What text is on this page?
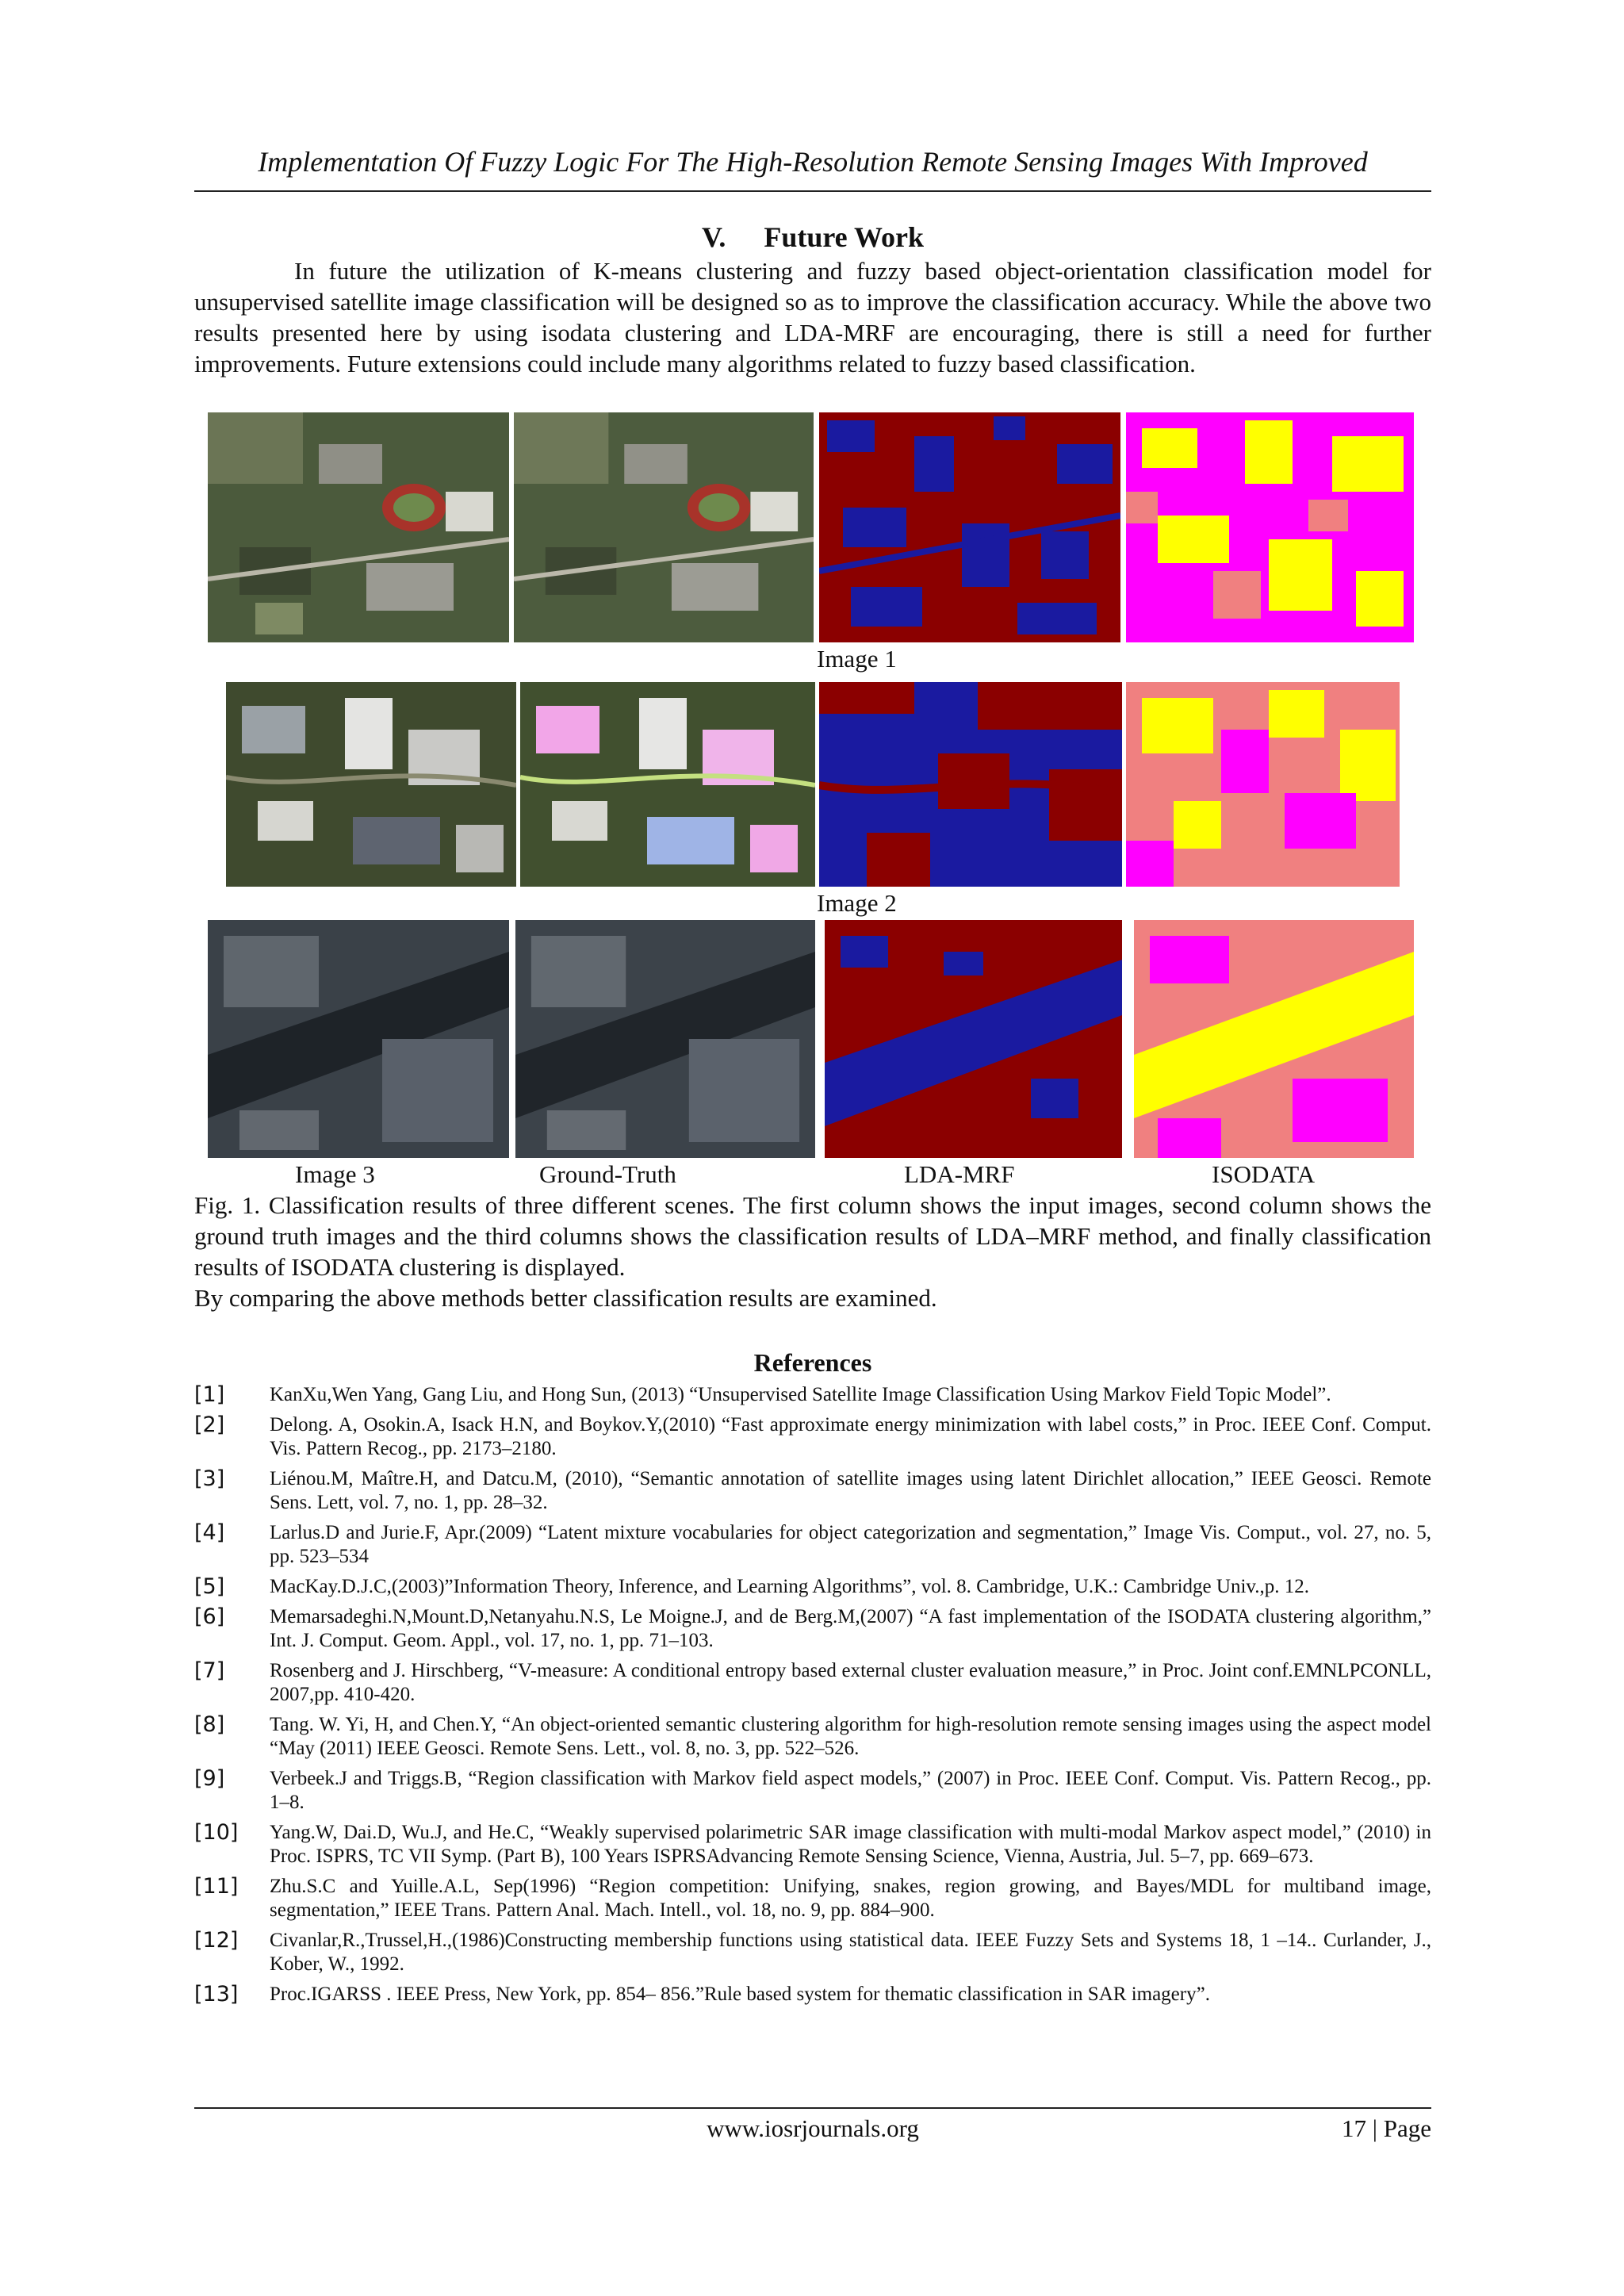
Implementation Of Fuzzy Logic For The High-Resolution Remote Sensing Images With Improved
V. Future Work
In future the utilization of K-means clustering and fuzzy based object-orientation classification model for unsupervised satellite image classification will be designed so as to improve the classification accuracy. While the above two results presented here by using isodata clustering and LDA-MRF are encouraging, there is still a need for further improvements. Future extensions could include many algorithms related to fuzzy based classification.
Image 1
Image 2
Image 3	Ground-Truth	LDA-MRF	ISODATA
Fig. 1. Classification results of three different scenes. The first column shows the input images, second column shows the ground truth images and the third columns shows the classification results of LDA–MRF method, and finally classification results of ISODATA clustering is displayed.
By comparing the above methods better classification results are examined.
References
[1]	KanXu,Wen Yang, Gang Liu, and Hong Sun, (2013) “Unsupervised Satellite Image Classification Using Markov Field Topic Model”.
[2]	Delong. A, Osokin.A, Isack H.N, and Boykov.Y,(2010) “Fast approximate energy minimization with label costs,” in Proc. IEEE Conf. Comput. Vis. Pattern Recog., pp. 2173–2180.
[3]	Liénou.M, Maître.H, and Datcu.M, (2010), “Semantic annotation of satellite images using latent Dirichlet allocation,” IEEE Geosci. Remote Sens. Lett, vol. 7, no. 1, pp. 28–32.
[4]	Larlus.D and Jurie.F, Apr.(2009) “Latent mixture vocabularies for object categorization and segmentation,” Image Vis. Comput., vol. 27, no. 5, pp. 523–534
[5]	MacKay.D.J.C,(2003)”Information Theory, Inference, and Learning Algorithms”, vol. 8. Cambridge, U.K.: Cambridge Univ.,p. 12.
[6]	Memarsadeghi.N,Mount.D,Netanyahu.N.S, Le Moigne.J, and de Berg.M,(2007) “A fast implementation of the ISODATA clustering algorithm,” Int. J. Comput. Geom. Appl., vol. 17, no. 1, pp. 71–103.
[7]	Rosenberg and J. Hirschberg, “V-measure: A conditional entropy based external cluster evaluation measure,” in Proc. Joint conf.EMNLPCONLL, 2007,pp. 410-420.
[8]	Tang. W. Yi, H, and Chen.Y, “An object-oriented semantic clustering algorithm for high-resolution remote sensing images using the aspect model “May (2011) IEEE Geosci. Remote Sens. Lett., vol. 8, no. 3, pp. 522–526.
[9]	Verbeek.J and Triggs.B, “Region classification with Markov field aspect models,” (2007) in Proc. IEEE Conf. Comput. Vis. Pattern Recog., pp. 1–8.
[10]	Yang.W, Dai.D, Wu.J, and He.C, “Weakly supervised polarimetric SAR image classification with multi-modal Markov aspect model,” (2010) in Proc. ISPRS, TC VII Symp. (Part B), 100 Years ISPRSAdvancing Remote Sensing Science, Vienna, Austria, Jul. 5–7, pp. 669–673.
[11]	Zhu.S.C and Yuille.A.L, Sep(1996) “Region competition: Unifying, snakes, region growing, and Bayes/MDL for multiband image, segmentation,” IEEE Trans. Pattern Anal. Mach. Intell., vol. 18, no. 9, pp. 884–900.
[12]	Civanlar,R.,Trussel,H.,(1986)Constructing membership functions using statistical data. IEEE Fuzzy Sets and Systems 18, 1 –14.. Curlander, J., Kober, W., 1992.
[13]	Proc.IGARSS . IEEE Press, New York, pp. 854– 856.”Rule based system for thematic classification in SAR imagery”.
www.iosrjournals.org	17 | Page
